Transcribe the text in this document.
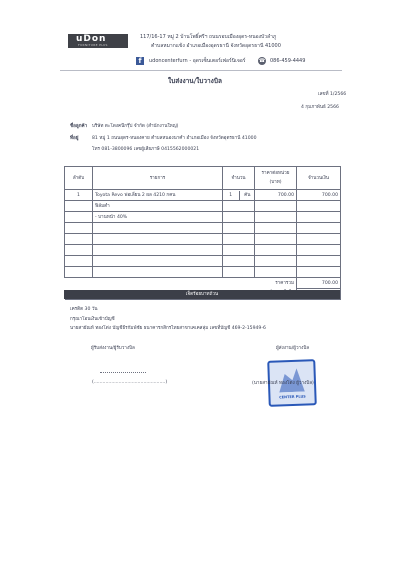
uDon
FURNITURE PLUS
117/16-17 หมู่ 2 บ้านโพธิ์ศรีฯ ถนนรอบเมืองอุดร-หนองบัวลำภู
ตำบลหมากแข้ง อำเภอเมืองอุดรธานี จังหวัดอุดรธานี 41000
f	udoncenterfurn - อุดรเซ็นเตอร์เฟอร์นิเจอร์	☎ 086-459-4449
ใบส่งงาน/ใบวางบิล
เลขที่ 1/2566
4 กุมภาพันธ์ 2566
ชื่อลูกค้า บริษัท ตะโดงคนึกรุ๊ป จำกัด (สำนักงานใหญ่)
ที่อยู่	81 หมู่ 1 ถนนอุดร-หนองคาย ตำบลหนองนาคำ อำเภอเมือง จังหวัดอุดรธานี 41000
โทร 081-3800096 เลขผู้เสียภาษี 0415562000021
ลำดับ	รายการ	จำนวน	ราคาต่อหน่วย (บาท)	จำนวนเงิน
1	Toyota Revo ฟอเลี่ยน 2 ผล 4210 กคน	1 คัน	700.00	700.00
	ฟิล์มดำ			
	- บานหน้า 40%			

ราคารวม				700.00

เจ็ดร้อยบาทถ้วน
เครดิต 30 วัน
กรุณาโอนเงินเข้าบัญชี
นายสายัณห์ ทองโต่ง บัญชีธีรกัมพ์ชัย ธนาคารกสิกรไทยสาขาเคเคสลุ่ม เลขที่บัญชี 469-2-15949-6
ผู้รับส่งงาน/ผู้รับวางบิล
(.................................................)
ผู้ส่งงาน/ผู้วางบิล
CENTER PLUS
(นายสายัณห์ ทองโต่ง ผู้วางบิล)
